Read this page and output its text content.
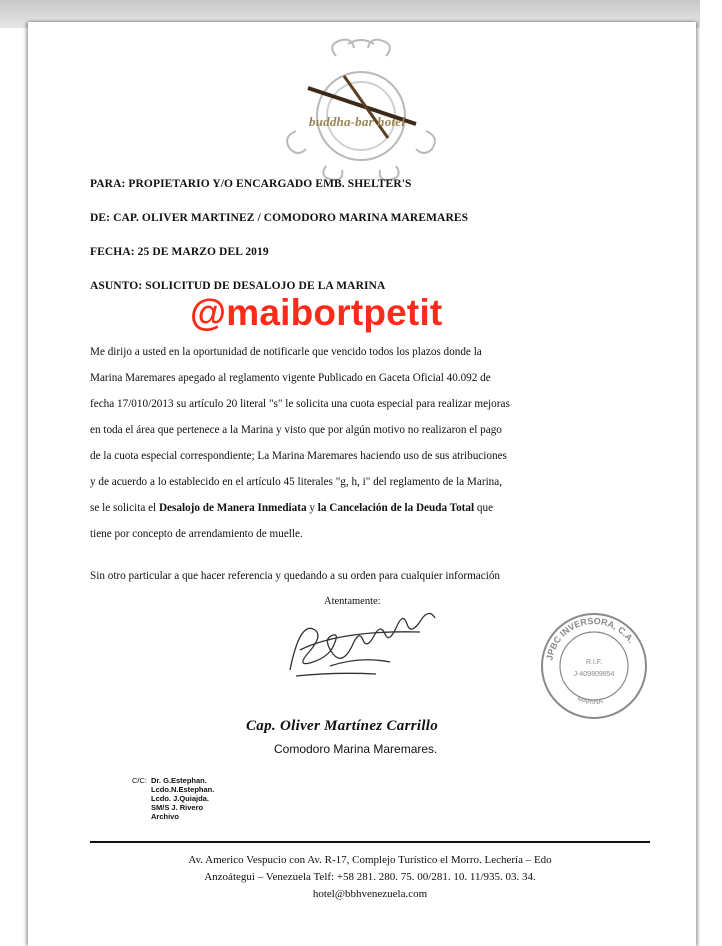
buddha-bar hotel
PARA: PROPIETARIO Y/O ENCARGADO EMB. SHELTER'S
DE: CAP. OLIVER MARTINEZ / COMODORO MARINA MAREMARES
FECHA: 25 DE MARZO DEL 2019
ASUNTO: SOLICITUD DE DESALOJO DE LA MARINA
@maibortpetit
Me dirijo a usted en la oportunidad de notificarle que vencido todos los plazos donde la
Marina Maremares apegado al reglamento vigente Publicado en Gaceta Oficial 40.092 de
fecha 17/010/2013 su artículo 20 literal "s" le solicita una cuota especial para realizar mejoras
en toda el área que pertenece a la Marina y visto que por algún motivo no realizaron el pago
de la cuota especial correspondiente; La Marina Maremares haciendo uso de sus atribuciones
y de acuerdo a lo establecido en el artículo 45 literales "g, h, i" del reglamento de la Marina,
se le solicita el Desalojo de Manera Inmediata y la Cancelación de la Deuda Total que
tiene por concepto de arrendamiento de muelle.
Sin otro particular a que hacer referencia y quedando a su orden para cualquier información
Atentamente:
JPBC INVERSORA, C.A.
MARINA
R.I.F.
J-409809854
Cap. Oliver Martínez Carrillo
Comodoro Marina Maremares.
C/C: Dr. G.Estephan.
Lcdo.N.Estephan.
Lcdo. J.Quiajda.
SM/S J. Rivero
Archivo
Av. Americo Vespucio con Av. R-17, Complejo Turístico el Morro. Lechería – Edo
Anzoátegui – Venezuela Telf: +58 281. 280. 75. 00/281. 10. 11/935. 03. 34.
hotel@bbhvenezuela.com
